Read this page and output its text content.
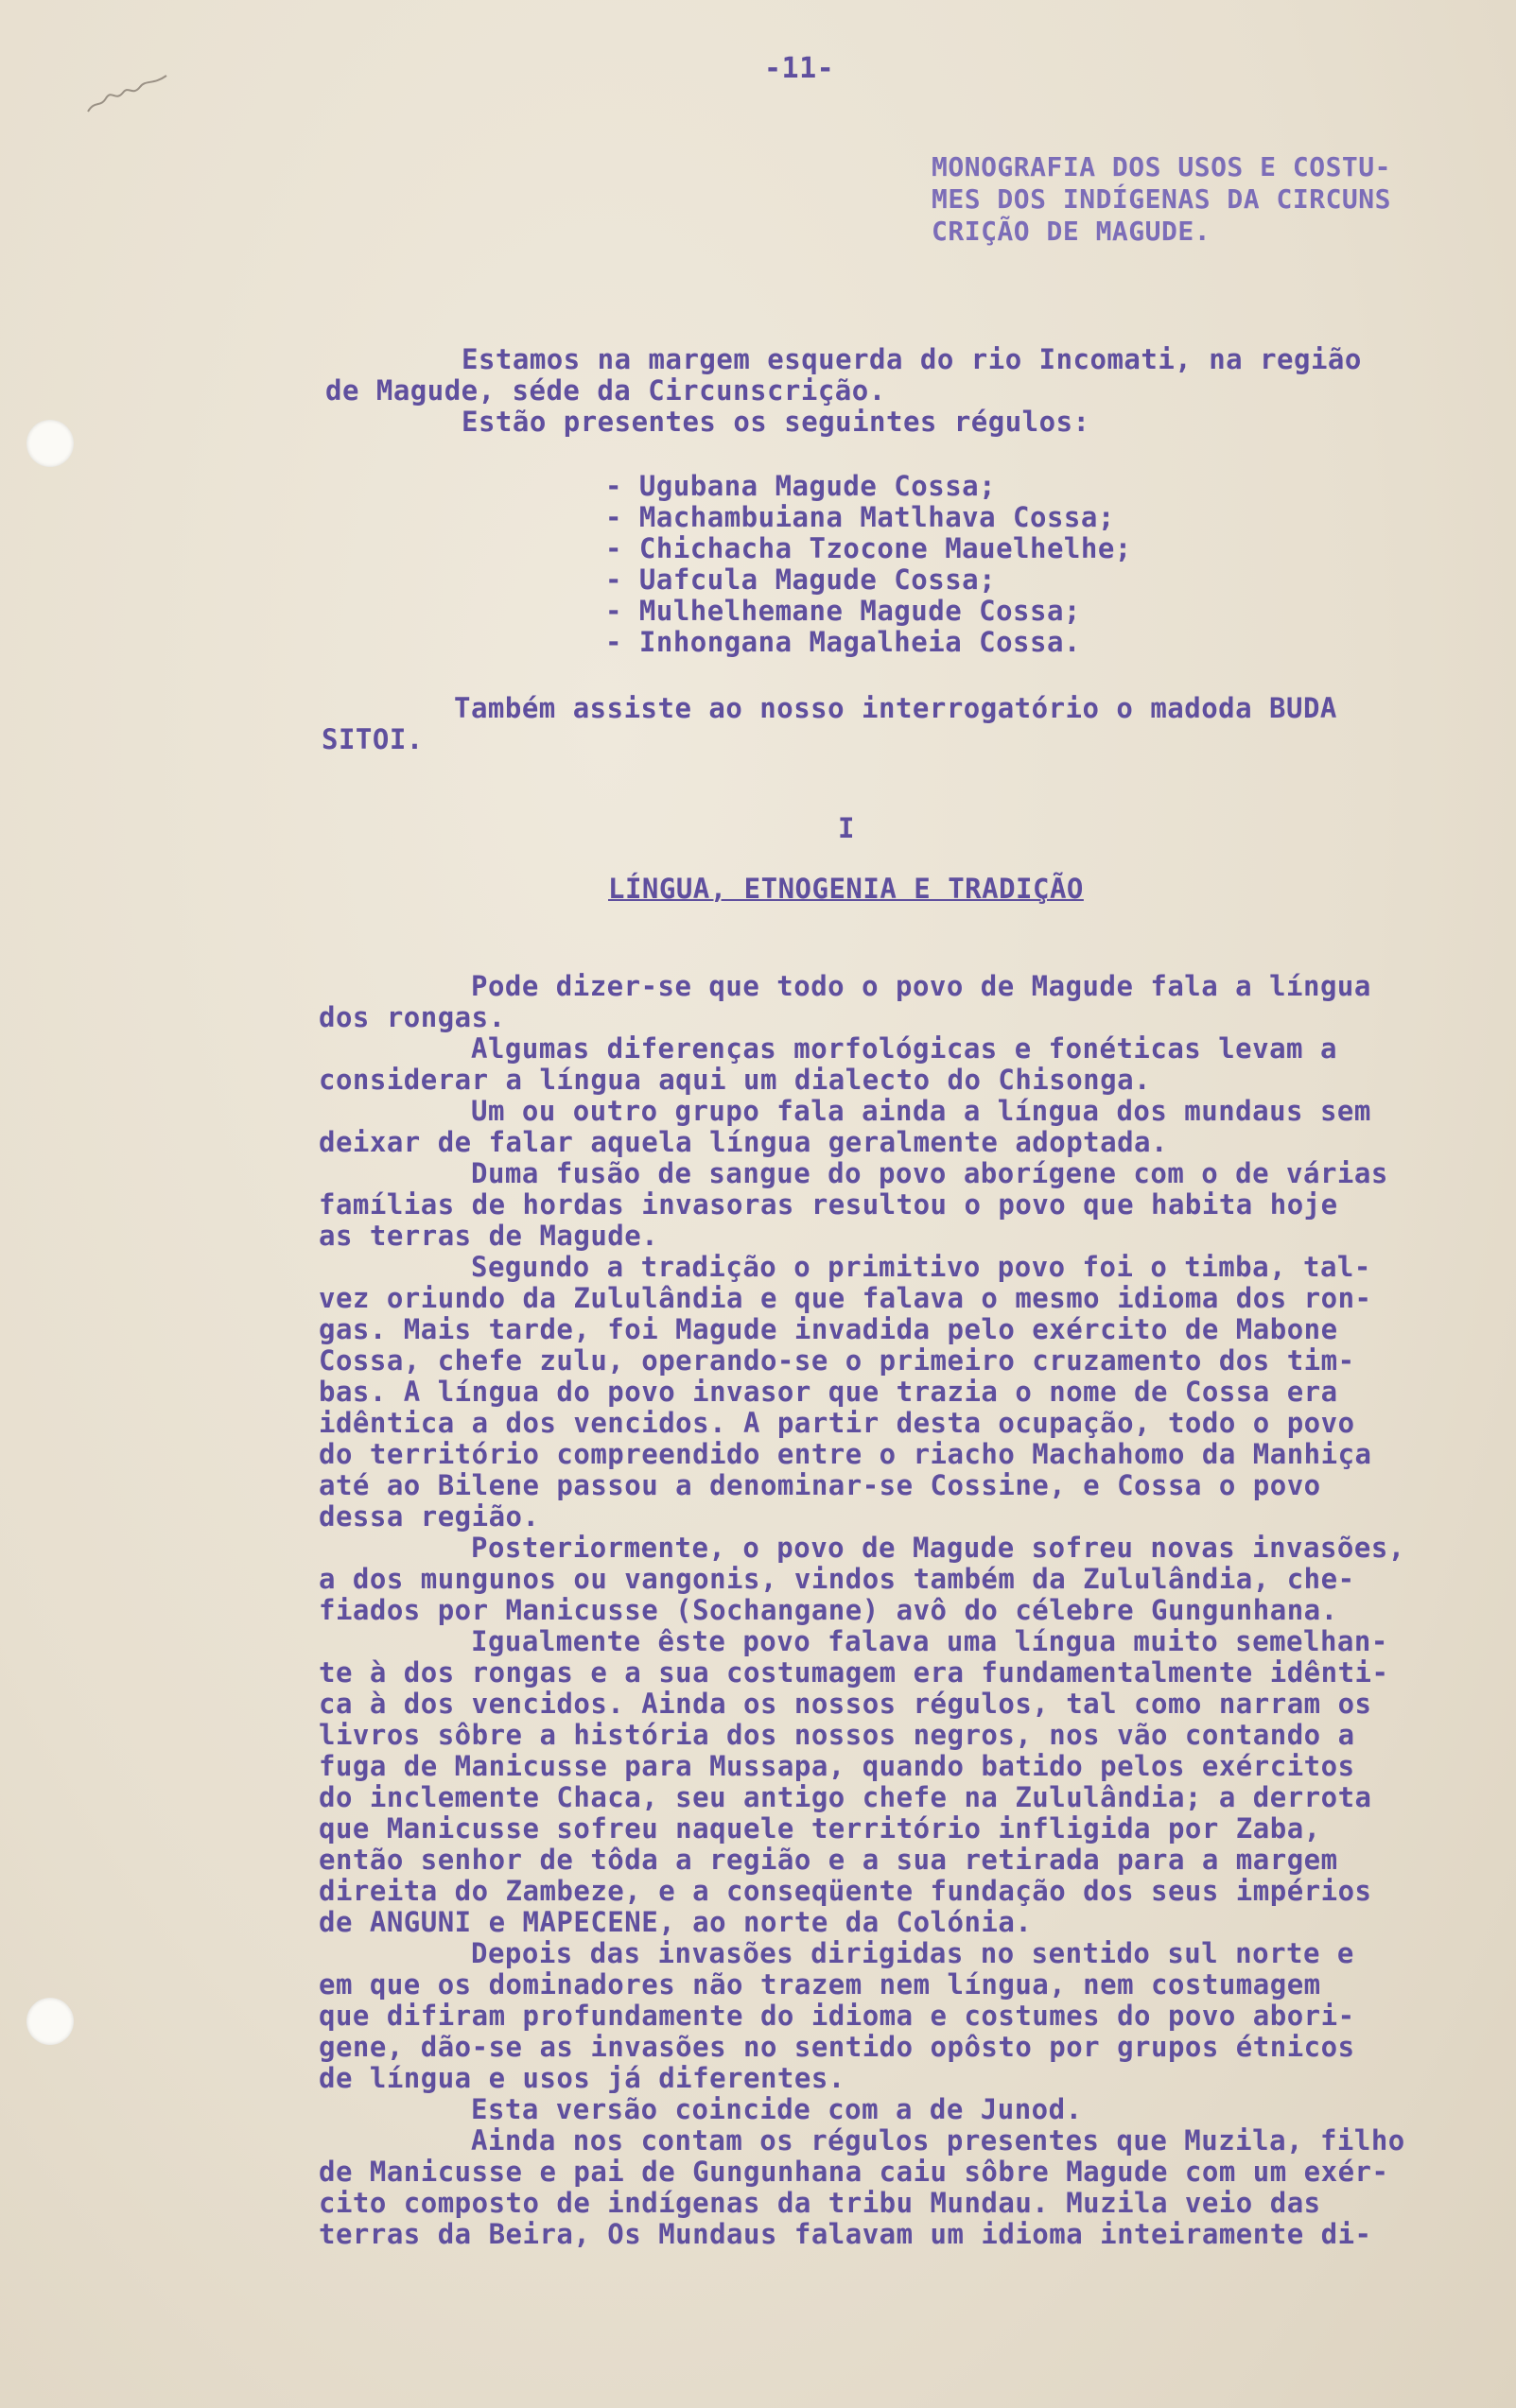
-11-
MONOGRAFIA DOS USOS E COSTU-
MES DOS INDÍGENAS DA CIRCUNS
CRIÇÃO DE MAGUDE.
Estamos na margem esquerda do rio Incomati, na região
de Magude, séde da Circunscrição.
Estão presentes os seguintes régulos:
- Ugubana Magude Cossa;
- Machambuiana Matlhava Cossa;
- Chichacha Tzocone Mauelhelhe;
- Uafcula Magude Cossa;
- Mulhelhemane Magude Cossa;
- Inhongana Magalheia Cossa.
Também assiste ao nosso interrogatório o madoda BUDA
SITOI.
I
LÍNGUA, ETNOGENIA E TRADIÇÃO
Pode dizer-se que todo o povo de Magude fala a língua
dos rongas.
Algumas diferenças morfológicas e fonéticas levam a
considerar a língua aqui um dialecto do Chisonga.
Um ou outro grupo fala ainda a língua dos mundaus sem
deixar de falar aquela língua geralmente adoptada.
Duma fusão de sangue do povo aborígene com o de várias
famílias de hordas invasoras resultou o povo que habita hoje
as terras de Magude.
Segundo a tradição o primitivo povo foi o timba, tal-
vez oriundo da Zululândia e que falava o mesmo idioma dos ron-
gas. Mais tarde, foi Magude invadida pelo exército de Mabone
Cossa, chefe zulu, operando-se o primeiro cruzamento dos tim-
bas. A língua do povo invasor que trazia o nome de Cossa era
idêntica a dos vencidos. A partir desta ocupação, todo o povo
do território compreendido entre o riacho Machahomo da Manhiça
até ao Bilene passou a denominar-se Cossine, e Cossa o povo
dessa região.
Posteriormente, o povo de Magude sofreu novas invasões,
a dos mungunos ou vangonis, vindos também da Zululândia, che-
fiados por Manicusse (Sochangane) avô do célebre Gungunhana.
Igualmente êste povo falava uma língua muito semelhan-
te à dos rongas e a sua costumagem era fundamentalmente idênti-
ca à dos vencidos. Ainda os nossos régulos, tal como narram os
livros sôbre a história dos nossos negros, nos vão contando a
fuga de Manicusse para Mussapa, quando batido pelos exércitos
do inclemente Chaca, seu antigo chefe na Zululândia; a derrota
que Manicusse sofreu naquele território infligida por Zaba,
então senhor de tôda a região e a sua retirada para a margem
direita do Zambeze, e a conseqüente fundação dos seus impérios
de ANGUNI e MAPECENE, ao norte da Colónia.
Depois das invasões dirigidas no sentido sul norte e
em que os dominadores não trazem nem língua, nem costumagem
que difiram profundamente do idioma e costumes do povo abori-
gene, dão-se as invasões no sentido opôsto por grupos étnicos
de língua e usos já diferentes.
Esta versão coincide com a de Junod.
Ainda nos contam os régulos presentes que Muzila, filho
de Manicusse e pai de Gungunhana caiu sôbre Magude com um exér-
cito composto de indígenas da tribu Mundau. Muzila veio das
terras da Beira, Os Mundaus falavam um idioma inteiramente di-
